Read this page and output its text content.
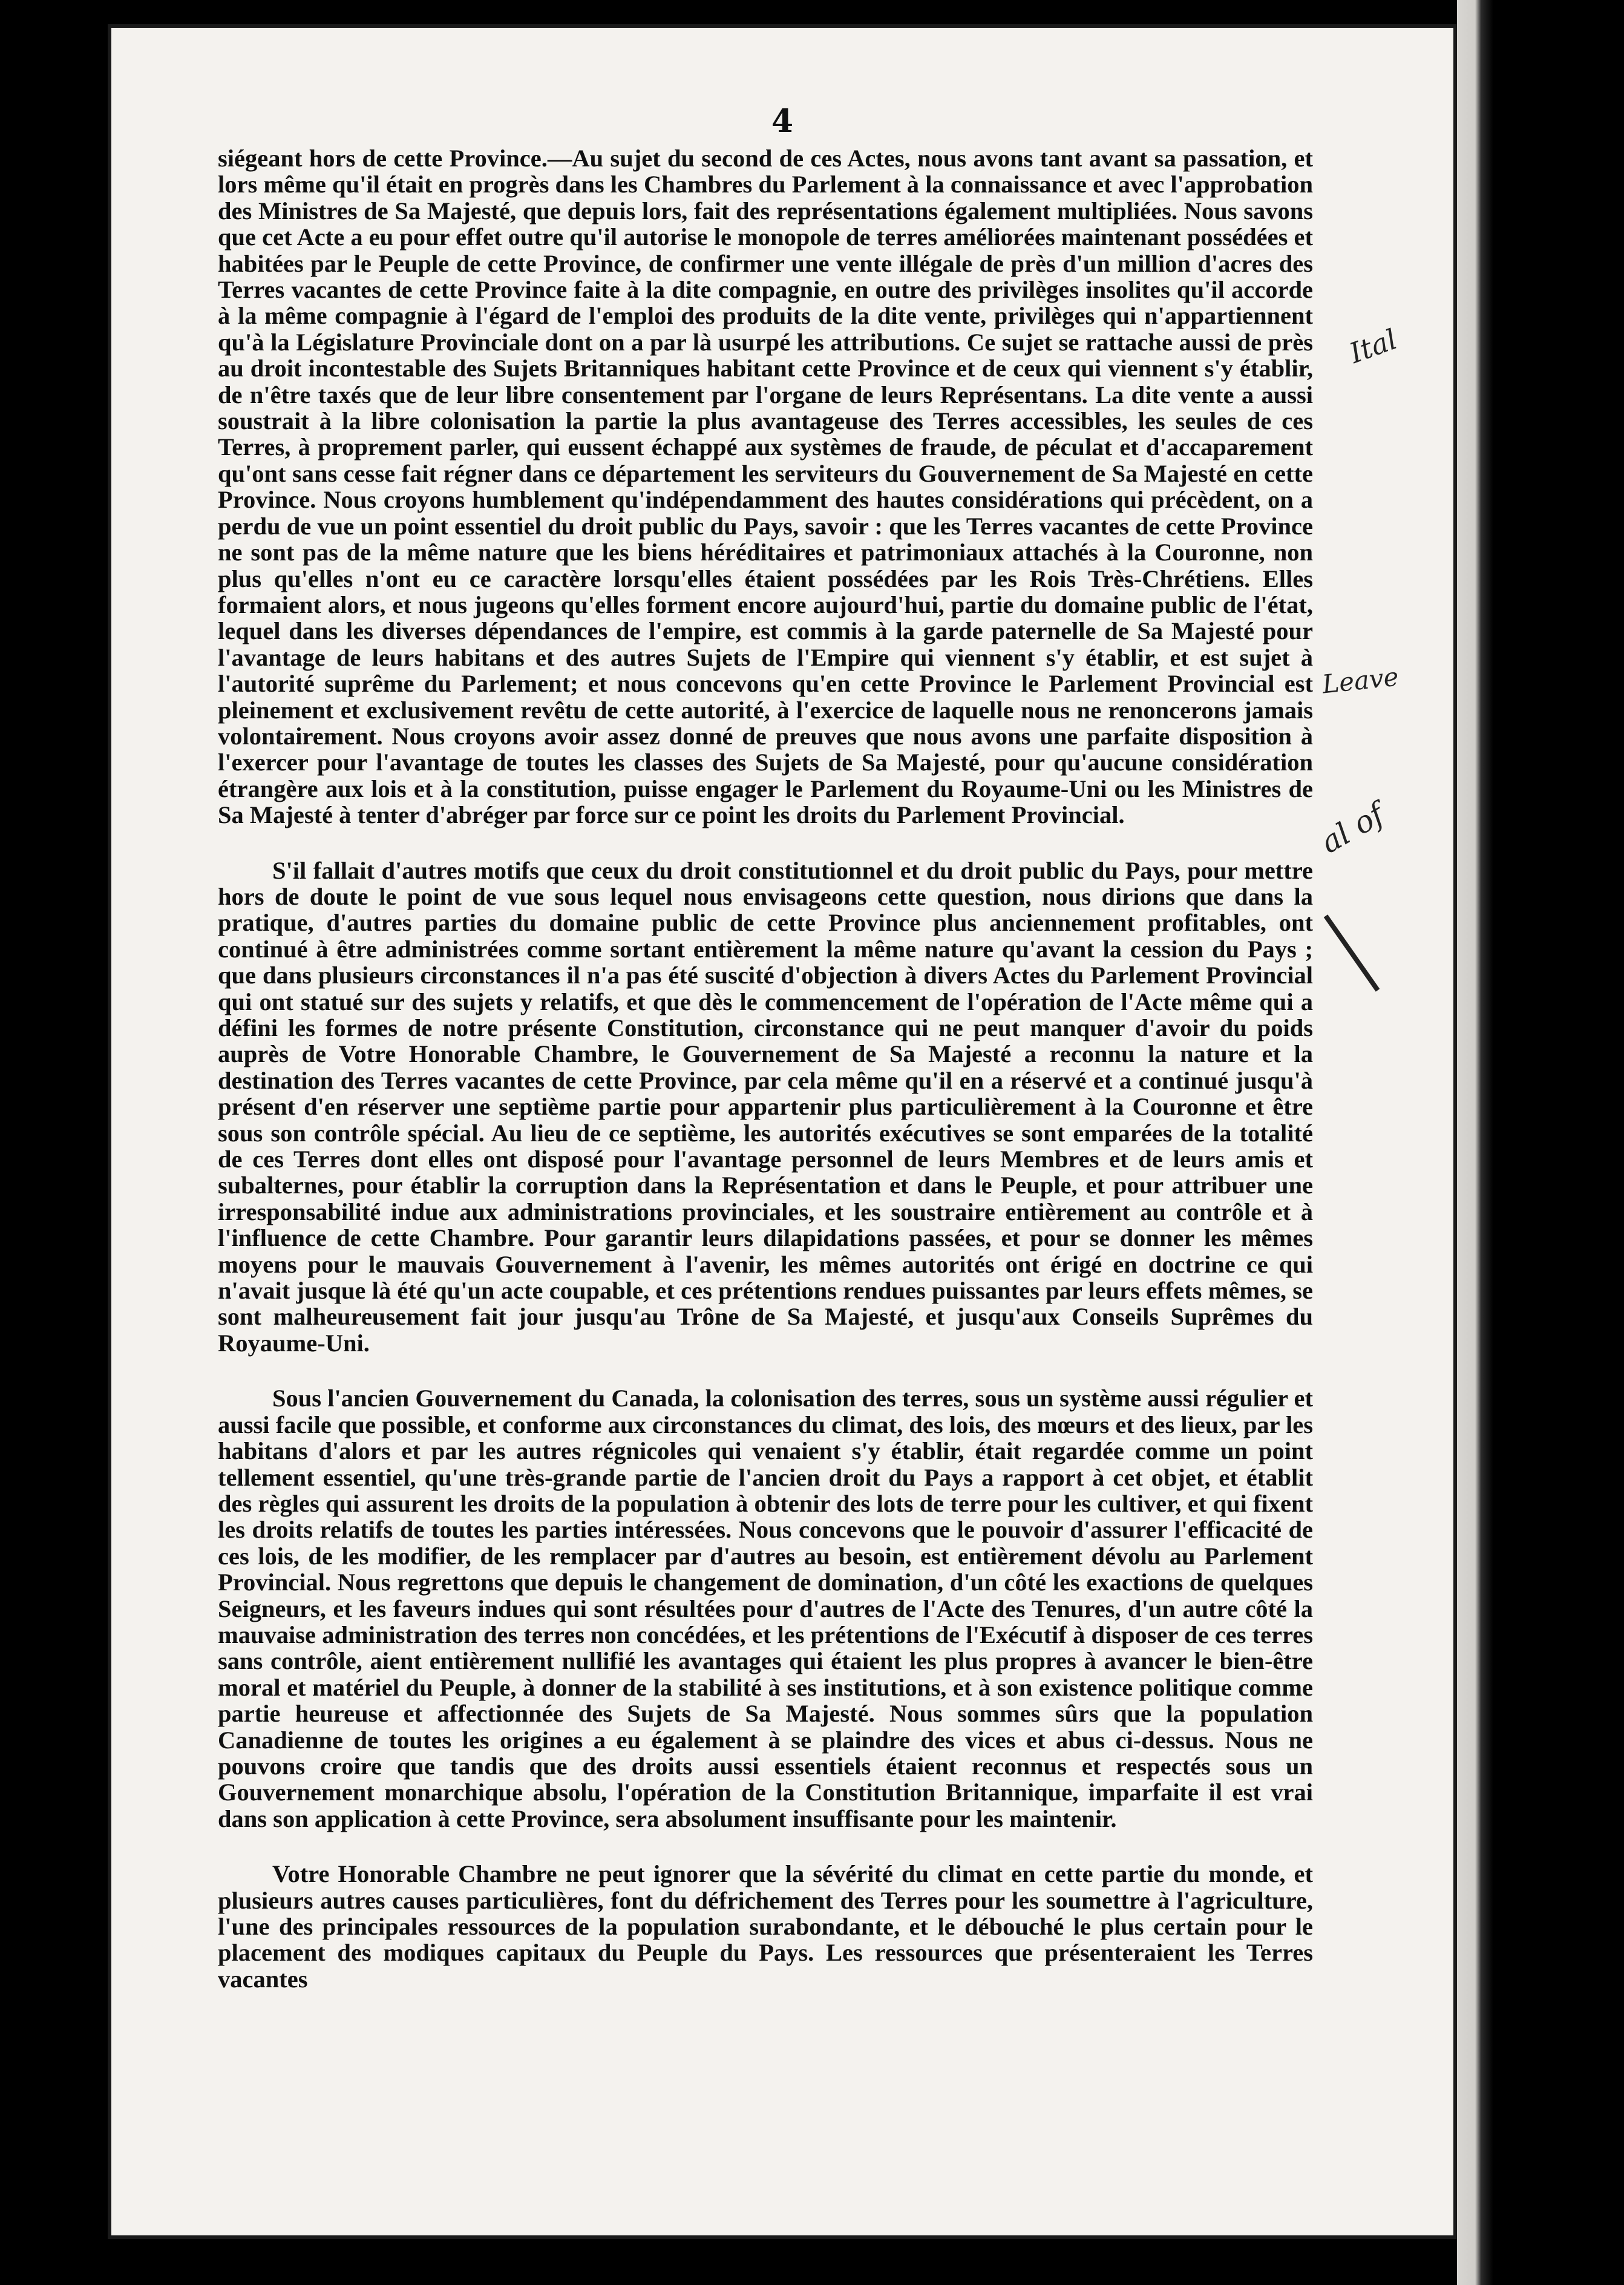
4

siégeant hors de cette Province.—Au sujet du second de ces Actes, nous avons tant avant sa passation, et lors même qu'il était en progrès dans les Chambres du Parlement à la connaissance et avec l'approbation des Ministres de Sa Majesté, que depuis lors, fait des représentations également multipliées. Nous savons que cet Acte a eu pour effet outre qu'il autorise le monopole de terres améliorées maintenant possédées et habitées par le Peuple de cette Province, de confirmer une vente illégale de près d'un million d'acres des Terres vacantes de cette Province faite à la dite compagnie, en outre des privilèges insolites qu'il accorde à la même compagnie à l'égard de l'emploi des produits de la dite vente, privilèges qui n'appartiennent qu'à la Législature Provinciale dont on a par là usurpé les attributions. Ce sujet se rattache aussi de près au droit incontestable des Sujets Britanniques habitant cette Province et de ceux qui viennent s'y établir, de n'être taxés que de leur libre consentement par l'organe de leurs Représentans. La dite vente a aussi soustrait à la libre colonisation la partie la plus avantageuse des Terres accessibles, les seules de ces Terres, à proprement parler, qui eussent échappé aux systèmes de fraude, de péculat et d'accaparement qu'ont sans cesse fait régner dans ce département les serviteurs du Gouvernement de Sa Majesté en cette Province. Nous croyons humblement qu'indépendamment des hautes considérations qui précèdent, on a perdu de vue un point essentiel du droit public du Pays, savoir : que les Terres vacantes de cette Province ne sont pas de la même nature que les biens héréditaires et patrimoniaux attachés à la Couronne, non plus qu'elles n'ont eu ce caractère lorsqu'elles étaient possédées par les Rois Très-Chrétiens. Elles formaient alors, et nous jugeons qu'elles forment encore aujourd'hui, partie du domaine public de l'état, lequel dans les diverses dépendances de l'empire, est commis à la garde paternelle de Sa Majesté pour l'avantage de leurs habitans et des autres Sujets de l'Empire qui viennent s'y établir, et est sujet à l'autorité suprême du Parlement; et nous concevons qu'en cette Province le Parlement Provincial est pleinement et exclusivement revêtu de cette autorité, à l'exercice de laquelle nous ne renoncerons jamais volontairement. Nous croyons avoir assez donné de preuves que nous avons une parfaite disposition à l'exercer pour l'avantage de toutes les classes des Sujets de Sa Majesté, pour qu'aucune considération étrangère aux lois et à la constitution, puisse engager le Parlement du Royaume-Uni ou les Ministres de Sa Majesté à tenter d'abréger par force sur ce point les droits du Parlement Provincial.

S'il fallait d'autres motifs que ceux du droit constitutionnel et du droit public du Pays, pour mettre hors de doute le point de vue sous lequel nous envisageons cette question, nous dirions que dans la pratique, d'autres parties du domaine public de cette Province plus anciennement profitables, ont continué à être administrées comme sortant entièrement la même nature qu'avant la cession du Pays ; que dans plusieurs circonstances il n'a pas été suscité d'objection à divers Actes du Parlement Provincial qui ont statué sur des sujets y relatifs, et que dès le commencement de l'opération de l'Acte même qui a défini les formes de notre présente Constitution, circonstance qui ne peut manquer d'avoir du poids auprès de Votre Honorable Chambre, le Gouvernement de Sa Majesté a reconnu la nature et la destination des Terres vacantes de cette Province, par cela même qu'il en a réservé et a continué jusqu'à présent d'en réserver une septième partie pour appartenir plus particulièrement à la Couronne et être sous son contrôle spécial. Au lieu de ce septième, les autorités exécutives se sont emparées de la totalité de ces Terres dont elles ont disposé pour l'avantage personnel de leurs Membres et de leurs amis et subalternes, pour établir la corruption dans la Représentation et dans le Peuple, et pour attribuer une irresponsabilité indue aux administrations provinciales, et les soustraire entièrement au contrôle et à l'influence de cette Chambre. Pour garantir leurs dilapidations passées, et pour se donner les mêmes moyens pour le mauvais Gouvernement à l'avenir, les mêmes autorités ont érigé en doctrine ce qui n'avait jusque là été qu'un acte coupable, et ces prétentions rendues puissantes par leurs effets mêmes, se sont malheureusement fait jour jusqu'au Trône de Sa Majesté, et jusqu'aux Conseils Suprêmes du Royaume-Uni.

Sous l'ancien Gouvernement du Canada, la colonisation des terres, sous un système aussi régulier et aussi facile que possible, et conforme aux circonstances du climat, des lois, des mœurs et des lieux, par les habitans d'alors et par les autres régnicoles qui venaient s'y établir, était regardée comme un point tellement essentiel, qu'une très-grande partie de l'ancien droit du Pays a rapport à cet objet, et établit des règles qui assurent les droits de la population à obtenir des lots de terre pour les cultiver, et qui fixent les droits relatifs de toutes les parties intéressées. Nous concevons que le pouvoir d'assurer l'efficacité de ces lois, de les modifier, de les remplacer par d'autres au besoin, est entièrement dévolu au Parlement Provincial. Nous regrettons que depuis le changement de domination, d'un côté les exactions de quelques Seigneurs, et les faveurs indues qui sont résultées pour d'autres de l'Acte des Tenures, d'un autre côté la mauvaise administration des terres non concédées, et les prétentions de l'Exécutif à disposer de ces terres sans contrôle, aient entièrement nullifié les avantages qui étaient les plus propres à avancer le bien-être moral et matériel du Peuple, à donner de la stabilité à ses institutions, et à son existence politique comme partie heureuse et affectionnée des Sujets de Sa Majesté. Nous sommes sûrs que la population Canadienne de toutes les origines a eu également à se plaindre des vices et abus ci-dessus. Nous ne pouvons croire que tandis que des droits aussi essentiels étaient reconnus et respectés sous un Gouvernement monarchique absolu, l'opération de la Constitution Britannique, imparfaite il est vrai dans son application à cette Province, sera absolument insuffisante pour les maintenir.

Votre Honorable Chambre ne peut ignorer que la sévérité du climat en cette partie du monde, et plusieurs autres causes particulières, font du défrichement des Terres pour les soumettre à l'agriculture, l'une des principales ressources de la population surabondante, et le débouché le plus certain pour le placement des modiques capitaux du Peuple du Pays. Les ressources que présenteraient les Terres vacantes

Ital
Leave
al of
